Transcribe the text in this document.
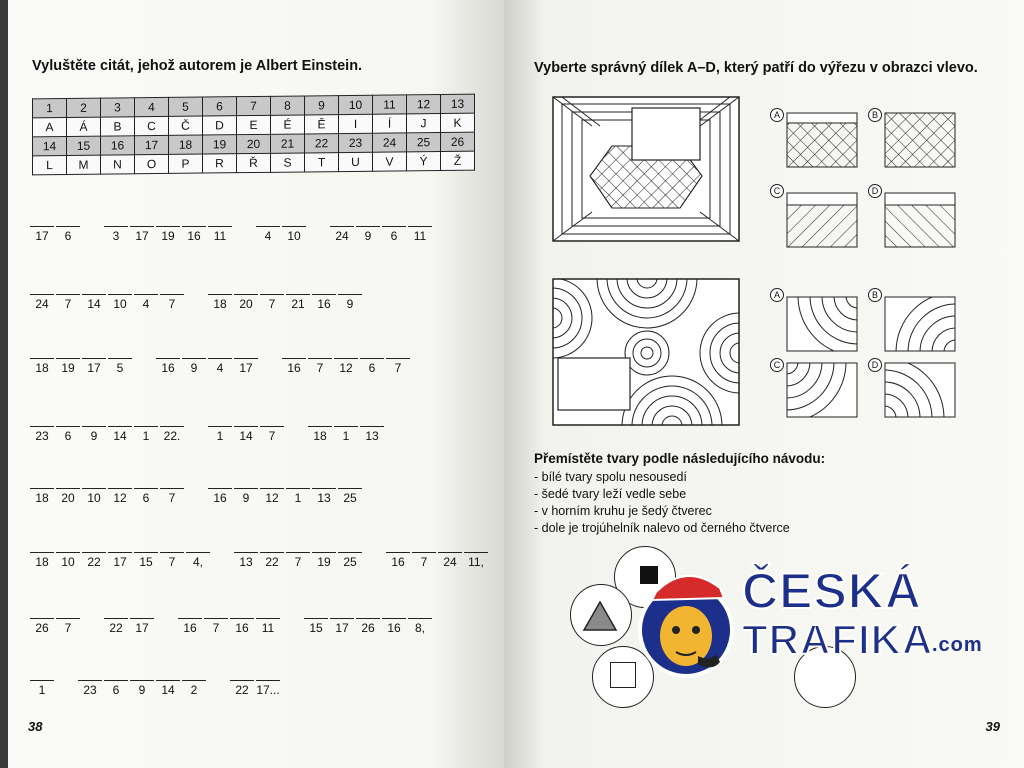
Vyluštěte citát, jehož autorem je Albert Einstein.
38
1	2	3	4	5	6	7	8	9	10	11	12	13
A	Á	B	C	Č	D	E	É	Ě	I	Í	J	K
14	15	16	17	18	19	20	21	22	23	24	25	26
L	M	N	O	P	R	Ř	S	T	U	V	Ý	Ž
17	6	3	17	19	16	11	4	10	24	9	6	11
24	7	14	10	4	7	18	20	7	21	16	9
18	19	17	5	16	9	4	17	16	7	12	6	7
23	6	9	14	1	22.	1	14	7	18	1	13
18	20	10	12	6	7	16	9	12	1	13	25
18	10	22	17	15	7	4,	13	22	7	19	25	16	7	24 11,
26	7	22	17	16	7	16	11	15	17	26	16	8,
1	23	6	9	14	2	22 17...
Vyberte správný dílek A–D, který patří do výřezu v obrazci vlevo.
39
A	B
C	D
A	B
C	D
Přemístěte tvary podle následujícího návodu:
- bílé tvary spolu nesousedí
- šedé tvary leží vedle sebe
- v horním kruhu je šedý čtverec
- dole je trojúhelník nalevo od černého čtverce
ČESKÁ
TRAFIKA
.com
